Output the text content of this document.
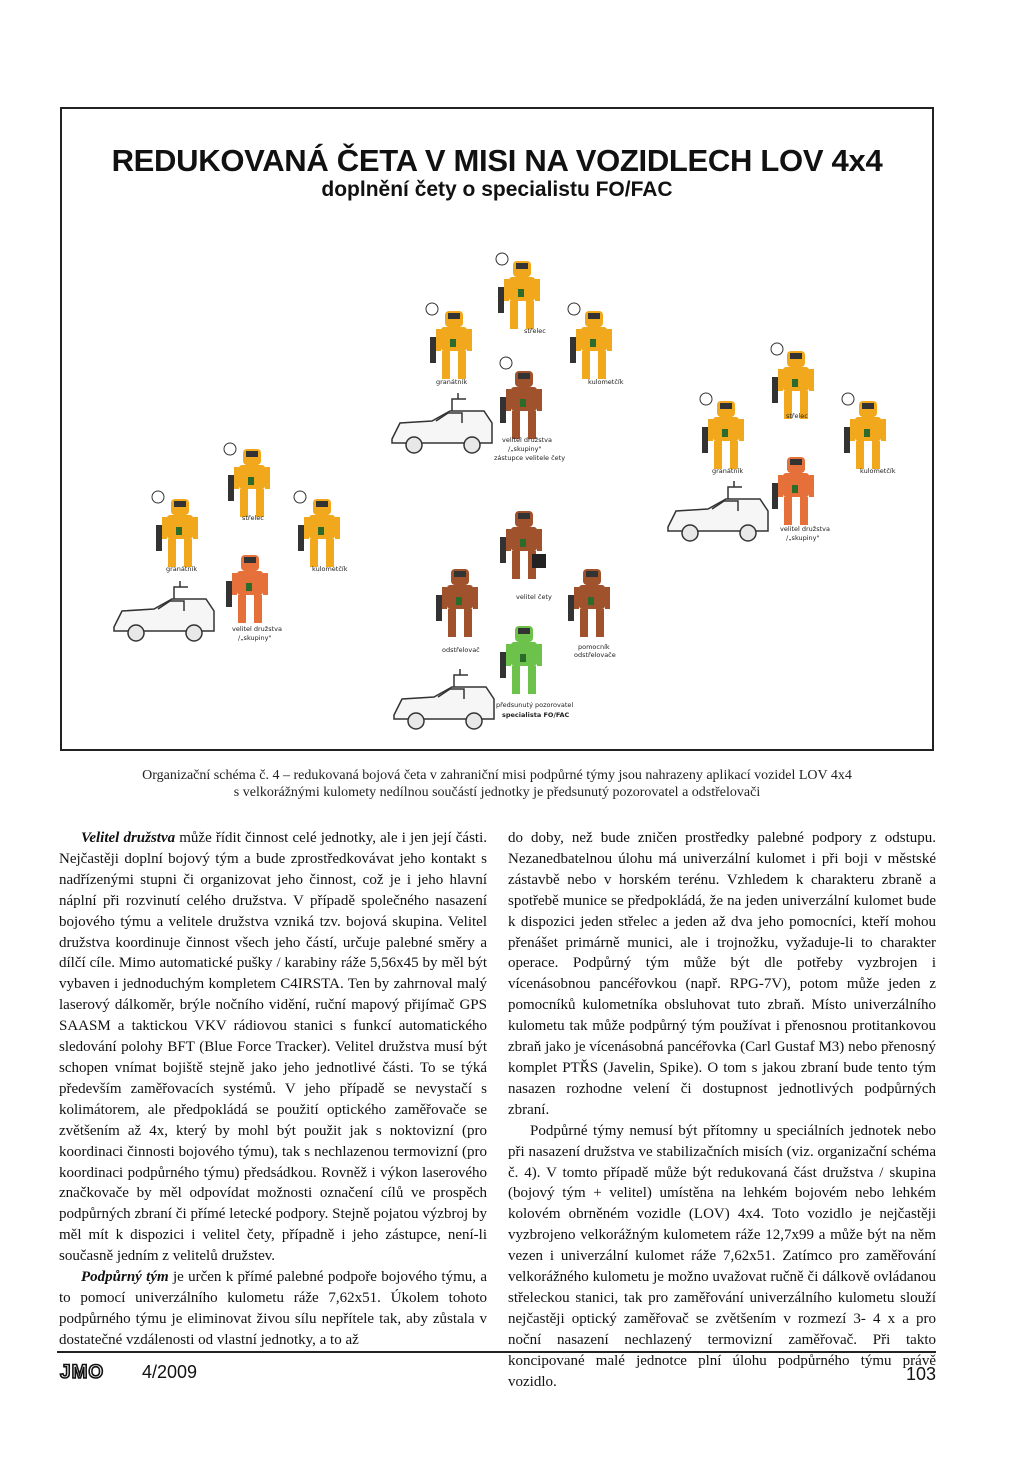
REDUKOVANÁ ČETA V MISI NA VOZIDLECH LOV 4x4
doplnění čety o specialistu FO/FAC
střelec
granátník	kulometčík
velitel družstva
/„skupiny"
zástupce velitele čety
střelec
granátník	kulometčík
velitel družstva
/„skupiny"
střelec
granátník	kulometčík
velitel družstva
/„skupiny"
velitel čety
odstřelovač	pomocník
odstřelovače
předsunutý pozorovatel
specialista FO/FAC
Organizační schéma č. 4 – redukovaná bojová četa v zahraniční misi podpůrné týmy jsou nahrazeny aplikací vozidel LOV 4x4
s velkorážnými kulomety nedílnou součástí jednotky je předsunutý pozorovatel a odstřelovači

Velitel družstva může řídit činnost celé jednotky, ale i jen její části. Nejčastěji doplní bojový tým a bude zprostředkovávat jeho kontakt s nadřízenými stupni či organizovat jeho činnost, což je i jeho hlavní náplní při rozvinutí celého družstva. V případě společného nasazení bojového týmu a velitele družstva vzniká tzv. bojová skupina. Velitel družstva koordinuje činnost všech jeho částí, určuje palebné směry a dílčí cíle. Mimo automatické pušky / karabiny ráže 5,56x45 by měl být vybaven i jednoduchým kompletem C4IRSTA. Ten by zahrnoval malý laserový dálkoměr, brýle nočního vidění, ruční mapový přijímač GPS SAASM a taktickou VKV rádiovou stanici s funkcí automatického sledování polohy BFT (Blue Force Tracker). Velitel družstva musí být schopen vnímat bojiště stejně jako jeho jednotlivé části. To se týká především zaměřovacích systémů. V jeho případě se nevystačí s kolimátorem, ale předpokládá se použití optického zaměřovače se zvětšením až 4x, který by mohl být použit jak s noktovizní (pro koordinaci činnosti bojového týmu), tak s nechlazenou termovizní (pro koordinaci podpůrného týmu) předsádkou. Rovněž i výkon laserového značkovače by měl odpovídat možnosti označení cílů ve prospěch podpůrných zbraní či přímé letecké podpory. Stejně pojatou výzbroj by měl mít k dispozici i velitel čety, případně i jeho zástupce, není-li současně jedním z velitelů družstev.

Podpůrný tým je určen k přímé palebné podpoře bojového týmu, a to pomocí univerzálního kulometu ráže 7,62x51. Úkolem tohoto podpůrného týmu je eliminovat živou sílu nepřítele tak, aby zůstala v dostatečné vzdálenosti od vlastní jednotky, a to až

do doby, než bude zničen prostředky palebné podpory z odstupu. Nezanedbatelnou úlohu má univerzální kulomet i při boji v městské zástavbě nebo v horském terénu. Vzhledem k charakteru zbraně a spotřebě munice se předpokládá, že na jeden univerzální kulomet bude k dispozici jeden střelec a jeden až dva jeho pomocníci, kteří mohou přenášet primárně munici, ale i trojnožku, vyžaduje-li to charakter operace. Podpůrný tým může být dle potřeby vyzbrojen i vícenásobnou pancéřovkou (např. RPG-7V), potom může jeden z pomocníků kulometníka obsluhovat tuto zbraň. Místo univerzálního kulometu tak může podpůrný tým používat i přenosnou protitankovou zbraň jako je vícenásobná pancéřovka (Carl Gustaf M3) nebo přenosný komplet PTŘS (Javelin, Spike). O tom s jakou zbraní bude tento tým nasazen rozhodne velení či dostupnost jednotlivých podpůrných zbraní.

Podpůrné týmy nemusí být přítomny u speciálních jednotek nebo při nasazení družstva ve stabilizačních misích (viz. organizační schéma č. 4). V tomto případě může být redukovaná část družstva / skupina (bojový tým + velitel) umístěna na lehkém bojovém nebo lehkém kolovém obrněném vozidle (LOV) 4x4. Toto vozidlo je nejčastěji vyzbrojeno velkorážným kulometem ráže 12,7x99 a může být na něm vezen i univerzální kulomet ráže 7,62x51. Zatímco pro zaměřování velkorážného kulometu je možno uvažovat ručně či dálkově ovládanou střeleckou stanici, tak pro zaměřování univerzálního kulometu slouží nejčastěji optický zaměřovač se zvětšením v rozmezí 3- 4 x a pro noční nasazení nechlazený termovizní zaměřovač. Při takto koncipované malé jednotce plní úlohu podpůrného týmu právě vozidlo.

JMO 4/2009	103
